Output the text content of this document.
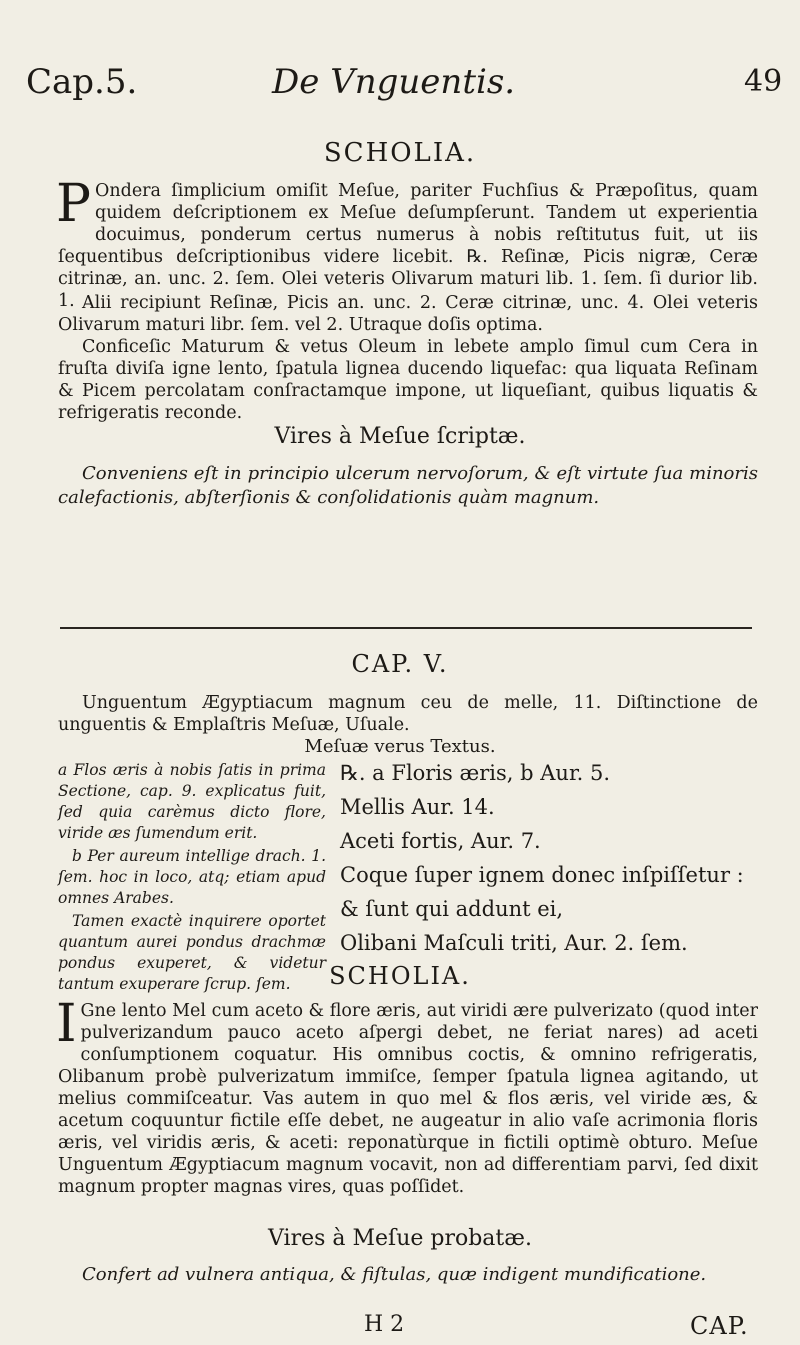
Cap.5.	De Vnguentis.	49
SCHOLIA.
P Ondera ſimplicium omiſit Meſue, pariter Fuchſius & Præpoſitus, quam quidem deſcriptionem ex Meſue deſumpſerunt. Tandem ut experientia docuimus, ponderum certus numerus à nobis reſtitutus fuit, ut iis ſequentibus deſcriptionibus videre licebit. ℞. Reſinæ, Picis nigræ, Ceræ citrinæ, an. unc. 2. ſem. Olei veteris Olivarum maturi lib. 1. ſem. ſi durior lib. 1. Alii recipiunt Reſinæ, Picis an. unc. 2. Ceræ citrinæ, unc. 4. Olei veteris Olivarum maturi libr. ſem. vel 2. Utraque doſis optima.

Conficeſic Maturum & vetus Oleum in lebete amplo ſimul cum Cera in fruſta diviſa igne lento, ſpatula lignea ducendo liquefac: qua liquata Reſinam & Picem percolatam conſractamque impone, ut liqueſiant, quibus liquatis & refrigeratis reconde.

Vires à Meſue ſcriptæ.

Conveniens eſt in principio ulcerum nervoſorum, & eſt virtute ſua minoris calefactionis, abſterſionis & conſolidationis quàm magnum.

CAP. V.

Unguentum Ægyptiacum magnum ceu de melle, 11. Diſtinctione de unguentis & Emplaſtris Meſuæ, Uſuale.

Meſuæ verus Textus.

a Flos æris à nobis ſatis in prima Sectione, cap. 9. explicatus fuit, ſed quia carèmus dicto flore, viride æs ſumendum erit.

b Per aureum intellige drach. 1. ſem. hoc in loco, atq; etiam apud omnes Arabes.

Tamen exactè inquirere oportet quantum aurei pondus drachmæ pondus exuperet, & videtur tantum exuperare ſcrup. ſem.

℞. a Floris æris, b Aur. 5.

Mellis Aur. 14.

Aceti fortis, Aur. 7.

Coque ſuper ignem donec inſpiſſetur : & ſunt qui addunt ei,

Olibani Maſculi triti, Aur. 2. ſem.

SCHOLIA.
I Gne lento Mel cum aceto & flore æris, aut viridi ære pulverizato (quod inter pulverizandum pauco aceto aſpergi debet, ne feriat nares) ad aceti conſumptionem coquatur. His omnibus coctis, & omnino refrigeratis, Olibanum probè pulverizatum immiſce, ſemper ſpatula lignea agitando, ut melius commiſceatur. Vas autem in quo mel & flos æris, vel viride æs, & acetum coquuntur fictile eſſe debet, ne augeatur in alio vaſe acrimonia floris æris, vel viridis æris, & aceti: reponatùrque in fictili optimè obturo. Meſue Unguentum Ægyptiacum magnum vocavit, non ad differentiam parvi, ſed dixit magnum propter magnas vires, quas poſſidet.
Vires à Meſue probatæ.

Confert ad vulnera antiqua, & fiſtulas, quæ indigent mundificatione.

H 2	CAP.
